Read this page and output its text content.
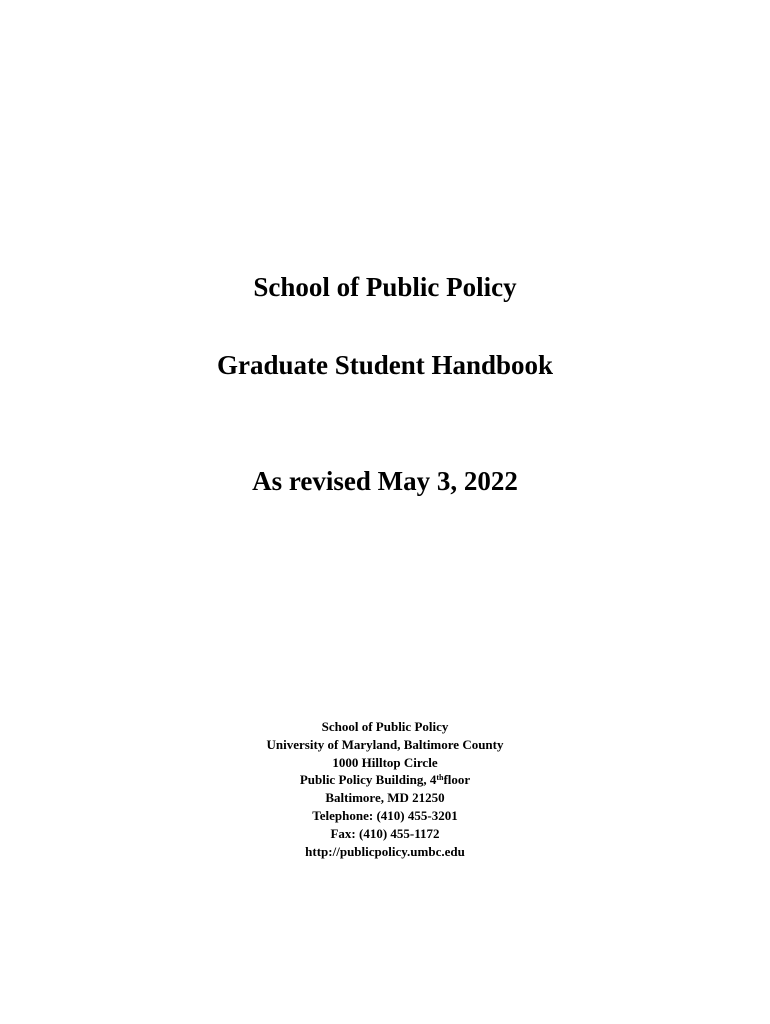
School of Public Policy
Graduate Student Handbook
As revised May 3, 2022
School of Public Policy
University of Maryland, Baltimore County
1000 Hilltop Circle
Public Policy Building, 4thfloor
Baltimore, MD 21250
Telephone: (410) 455-3201
Fax: (410) 455-1172
http://publicpolicy.umbc.edu
